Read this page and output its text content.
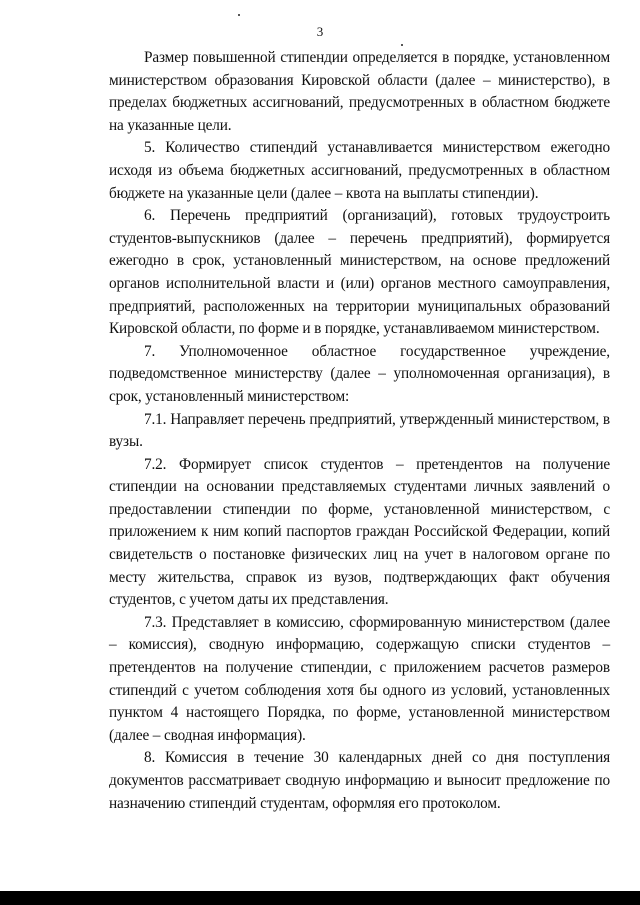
3

Размер повышенной стипендии определяется в порядке, установленном министерством образования Кировской области (далее – министерство), в пределах бюджетных ассигнований, предусмотренных в областном бюджете на указанные цели.

5. Количество стипендий устанавливается министерством ежегодно исходя из объема бюджетных ассигнований, предусмотренных в областном бюджете на указанные цели (далее – квота на выплаты стипендии).

6. Перечень предприятий (организаций), готовых трудоустроить студентов-выпускников (далее – перечень предприятий), формируется ежегодно в срок, установленный министерством, на основе предложений органов исполнительной власти и (или) органов местного самоуправления, предприятий, расположенных на территории муниципальных образований Кировской области, по форме и в порядке, устанавливаемом министерством.

7. Уполномоченное областное государственное учреждение, подведомственное министерству (далее – уполномоченная организация), в срок, установленный министерством:

7.1. Направляет перечень предприятий, утвержденный министерством, в вузы.

7.2. Формирует список студентов – претендентов на получение стипендии на основании представляемых студентами личных заявлений о предоставлении стипендии по форме, установленной министерством, с приложением к ним копий паспортов граждан Российской Федерации, копий свидетельств о постановке физических лиц на учет в налоговом органе по месту жительства, справок из вузов, подтверждающих факт обучения студентов, с учетом даты их представления.

7.3. Представляет в комиссию, сформированную министерством (далее – комиссия), сводную информацию, содержащую списки студентов – претендентов на получение стипендии, с приложением расчетов размеров стипендий с учетом соблюдения хотя бы одного из условий, установленных пунктом 4 настоящего Порядка, по форме, установленной министерством (далее – сводная информация).

8. Комиссия в течение 30 календарных дней со дня поступления документов рассматривает сводную информацию и выносит предложение по назначению стипендий студентам, оформляя его протоколом.
